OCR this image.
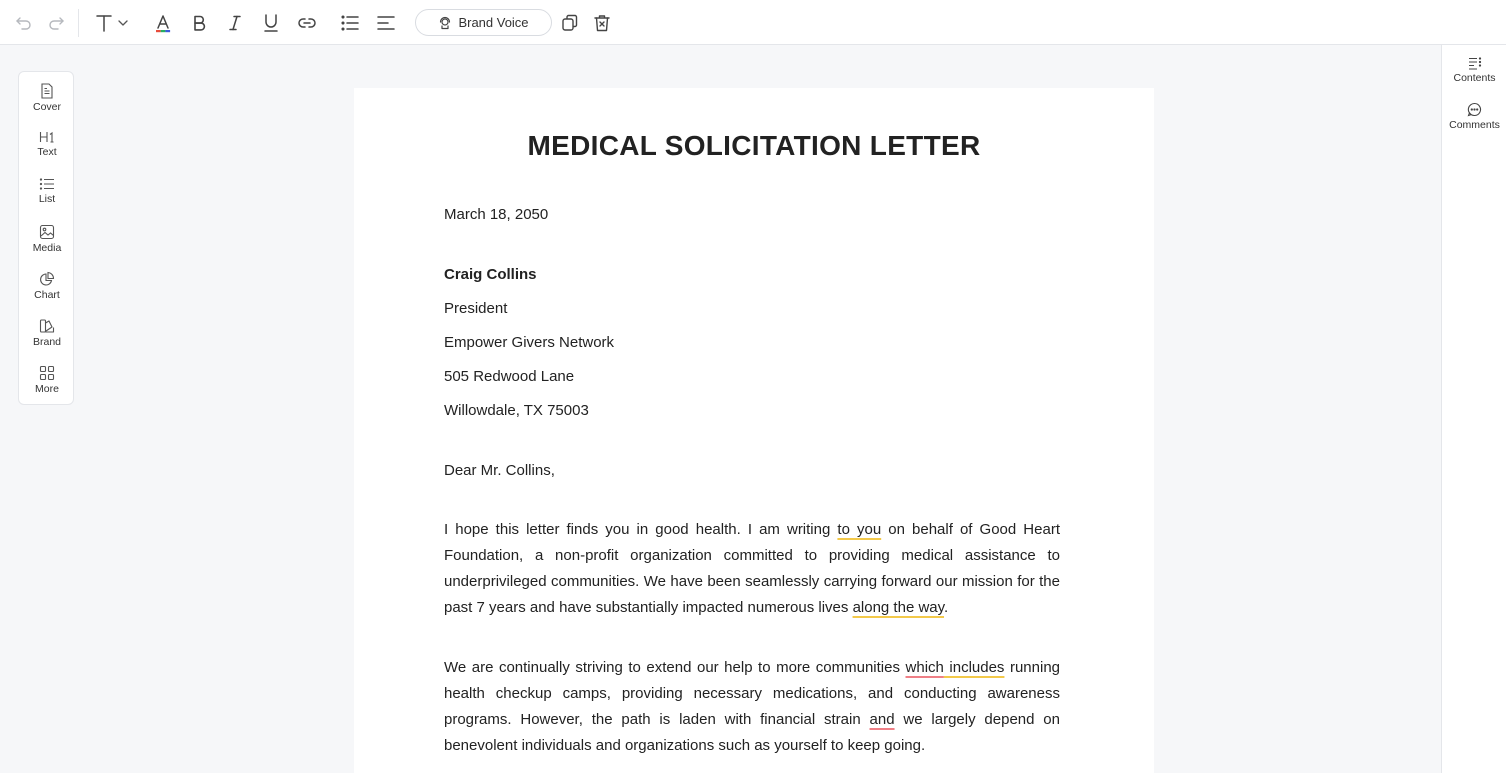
Brand Voice
Cover
Text
List
Media
Chart
Brand
More
Contents
Comments
MEDICAL SOLICITATION LETTER
March 18, 2050
Craig Collins
President
Empower Givers Network
505 Redwood Lane
Willowdale, TX 75003
Dear Mr. Collins,
I hope this letter finds you in good health. I am writing to you on behalf of Good Heart Foundation, a non-profit organization committed to providing medical assistance to underprivileged communities. We have been seamlessly carrying forward our mission for the past 7 years and have substantially impacted numerous lives along the way.
We are continually striving to extend our help to more communities which includes running health checkup camps, providing necessary medications, and conducting awareness programs. However, the path is laden with financial strain and we largely depend on benevolent individuals and organizations such as yourself to keep going.
